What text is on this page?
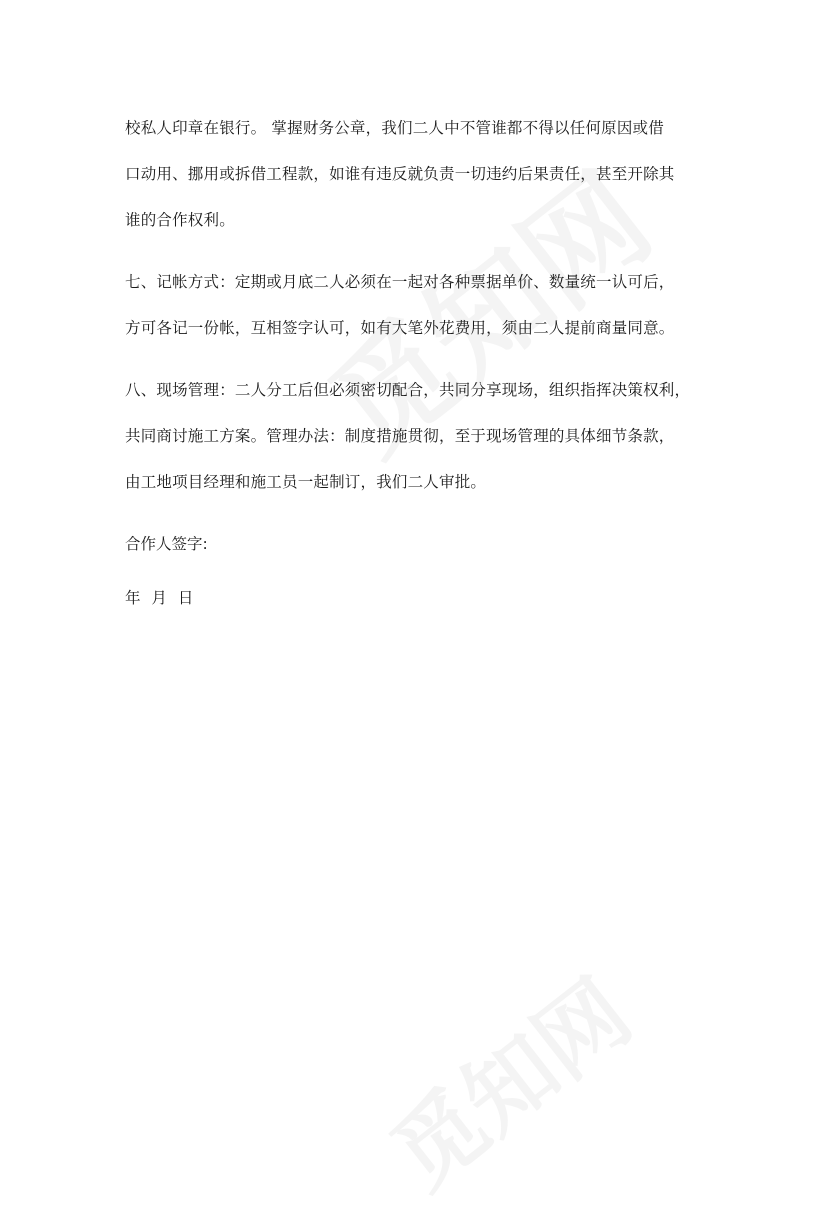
校私人印章在银行。 掌握财务公章，我们二人中不管谁都不得以任何原因或借
口动用、挪用或拆借工程款，如谁有违反就负责一切违约后果责任，甚至开除其
谁的合作权利。

七、记帐方式：定期或月底二人必须在一起对各种票据单价、数量统一认可后，
方可各记一份帐，互相签字认可，如有大笔外花费用，须由二人提前商量同意。

八、现场管理：二人分工后但必须密切配合，共同分享现场，组织指挥决策权利，
共同商讨施工方案。管理办法：制度措施贯彻，至于现场管理的具体细节条款，
由工地项目经理和施工员一起制订，我们二人审批。

合作人签字:

年 月 日
